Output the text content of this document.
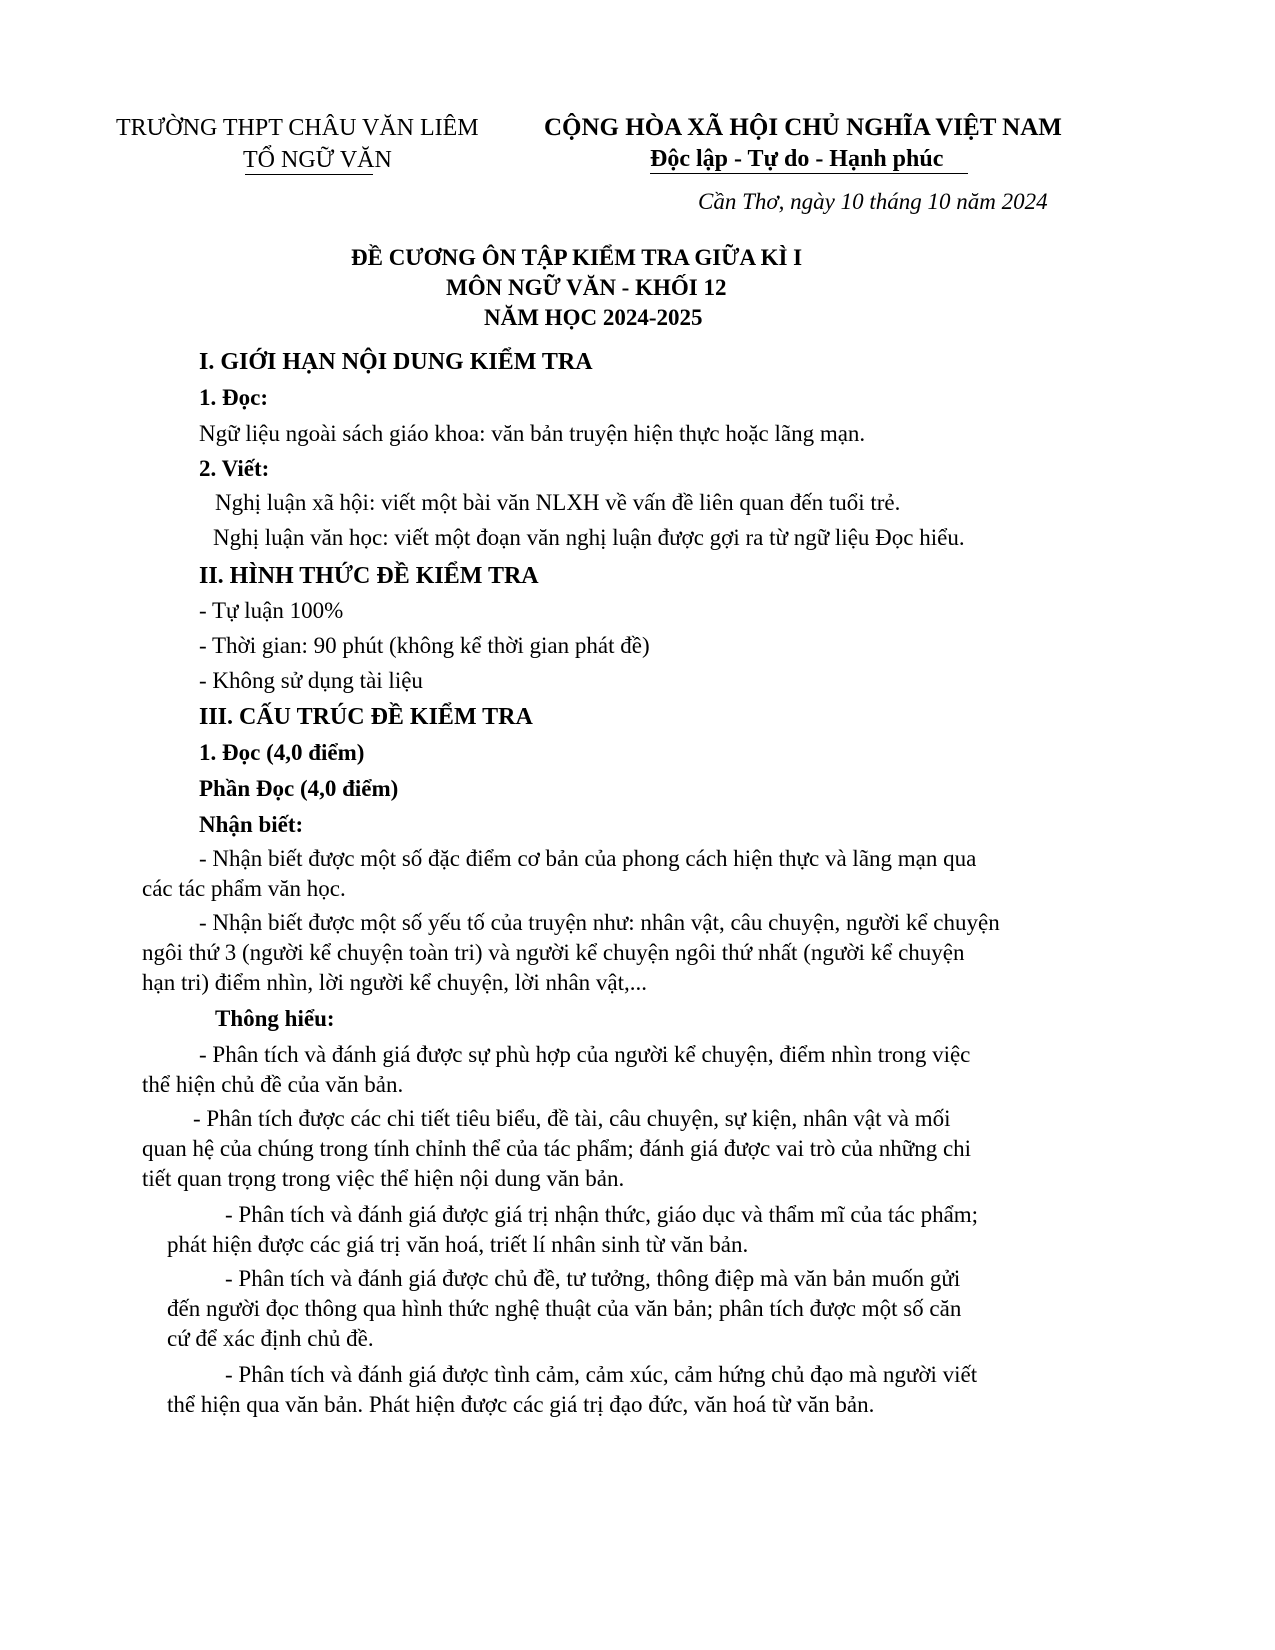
TRƯỜNG THPT CHÂU VĂN LIÊM
TỔ NGỮ VĂN
CỘNG HÒA XÃ HỘI CHỦ NGHĨA VIỆT NAM
Độc lập - Tự do - Hạnh phúc
Cần Thơ, ngày 10 tháng 10 năm 2024
ĐỀ CƯƠNG ÔN TẬP KIỂM TRA GIỮA KÌ I
MÔN NGỮ VĂN - KHỐI 12
NĂM HỌC 2024-2025
I. GIỚI HẠN NỘI DUNG KIỂM TRA
1. Đọc:
Ngữ liệu ngoài sách giáo khoa: văn bản truyện hiện thực hoặc lãng mạn.
2. Viết:
Nghị luận xã hội: viết một bài văn NLXH về vấn đề liên quan đến tuổi trẻ.
Nghị luận văn học: viết một đoạn văn nghị luận được gợi ra từ ngữ liệu Đọc hiểu.
II. HÌNH THỨC ĐỀ KIỂM TRA
- Tự luận 100%
- Thời gian: 90 phút (không kể thời gian phát đề)
- Không sử dụng tài liệu
III. CẤU TRÚC ĐỀ KIỂM TRA
1. Đọc (4,0 điểm)
Phần Đọc (4,0 điểm)
Nhận biết:
- Nhận biết được một số đặc điểm cơ bản của phong cách hiện thực và lãng mạn qua
các tác phẩm văn học.
- Nhận biết được một số yếu tố của truyện như: nhân vật, câu chuyện, người kể chuyện
ngôi thứ 3 (người kể chuyện toàn tri) và người kể chuyện ngôi thứ nhất (người kể chuyện
hạn tri) điểm nhìn, lời người kể chuyện, lời nhân vật,...
Thông hiểu:
- Phân tích và đánh giá được sự phù hợp của người kể chuyện, điểm nhìn trong việc
thể hiện chủ đề của văn bản.
- Phân tích được các chi tiết tiêu biểu, đề tài, câu chuyện, sự kiện, nhân vật và mối
quan hệ của chúng trong tính chỉnh thể của tác phẩm; đánh giá được vai trò của những chi
tiết quan trọng trong việc thể hiện nội dung văn bản.
- Phân tích và đánh giá được giá trị nhận thức, giáo dục và thẩm mĩ của tác phẩm;
phát hiện được các giá trị văn hoá, triết lí nhân sinh từ văn bản.
- Phân tích và đánh giá được chủ đề, tư tưởng, thông điệp mà văn bản muốn gửi
đến người đọc thông qua hình thức nghệ thuật của văn bản; phân tích được một số căn
cứ để xác định chủ đề.
- Phân tích và đánh giá được tình cảm, cảm xúc, cảm hứng chủ đạo mà người viết
thể hiện qua văn bản. Phát hiện được các giá trị đạo đức, văn hoá từ văn bản.
